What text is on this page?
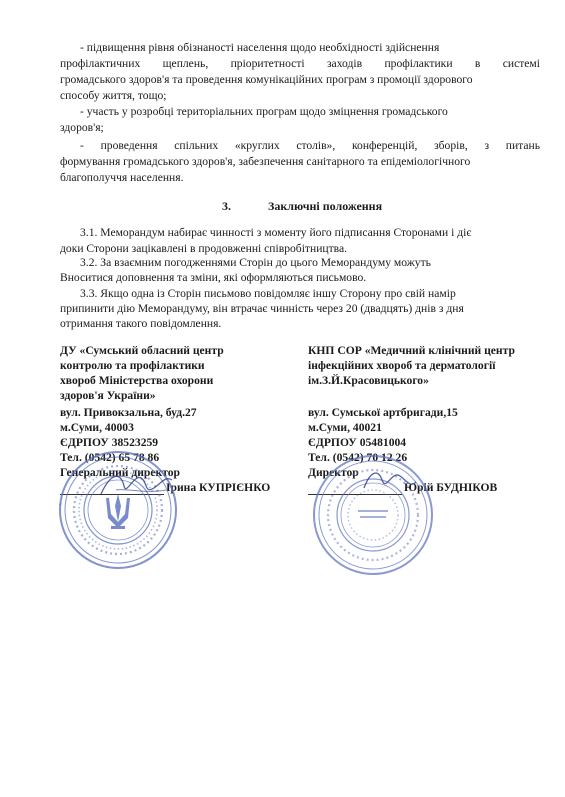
- підвищення рівня обізнаності населення щодо необхідності здійснення
профілактичних щеплень, пріоритетності заходів профілактики в системі
громадського здоров'я та проведення комунікаційних програм з промоції здорового
способу життя, тощо;
- участь у розробці територіальних програм щодо зміцнення громадського
здоров'я;
- проведення спільних «круглих столів», конференцій, зборів, з питань
формування громадського здоров'я, забезпечення санітарного та епідеміологічного
благополуччя населення.
3.	Заключні положення
3.1. Меморандум набирає чинності з моменту його підписання Сторонами і діє
доки Сторони зацікавлені в продовженні співробітництва.
3.2. За взаємним погодженнями Сторін до цього Меморандуму можуть
Вноситися доповнення та зміни, які оформляються письмово.
3.3. Якщо одна із Сторін письмово повідомляє іншу Сторону про свій намір
припинити дію Меморандуму, він втрачає чинність через 20 (двадцять) днів з дня
отримання такого повідомлення.
ДУ «Сумський обласний центр
контролю та профілактики
хвороб Міністерства охорони
здоров'я України»
вул. Привокзальна, буд.27
м.Суми, 40003
ЄДРПОУ 38523259
Тел. (0542) 65 78 86
Генеральний директор
Ірина КУПРІЄНКО
КНП СОР «Медичний клінічний центр
інфекційних хвороб та дерматології
ім.З.Й.Красовицького»
вул. Сумської артбригади,15
м.Суми, 40021
ЄДРПОУ 05481004
Тел. (0542) 70 12 26
Директор
Юрій БУДНІКОВ
